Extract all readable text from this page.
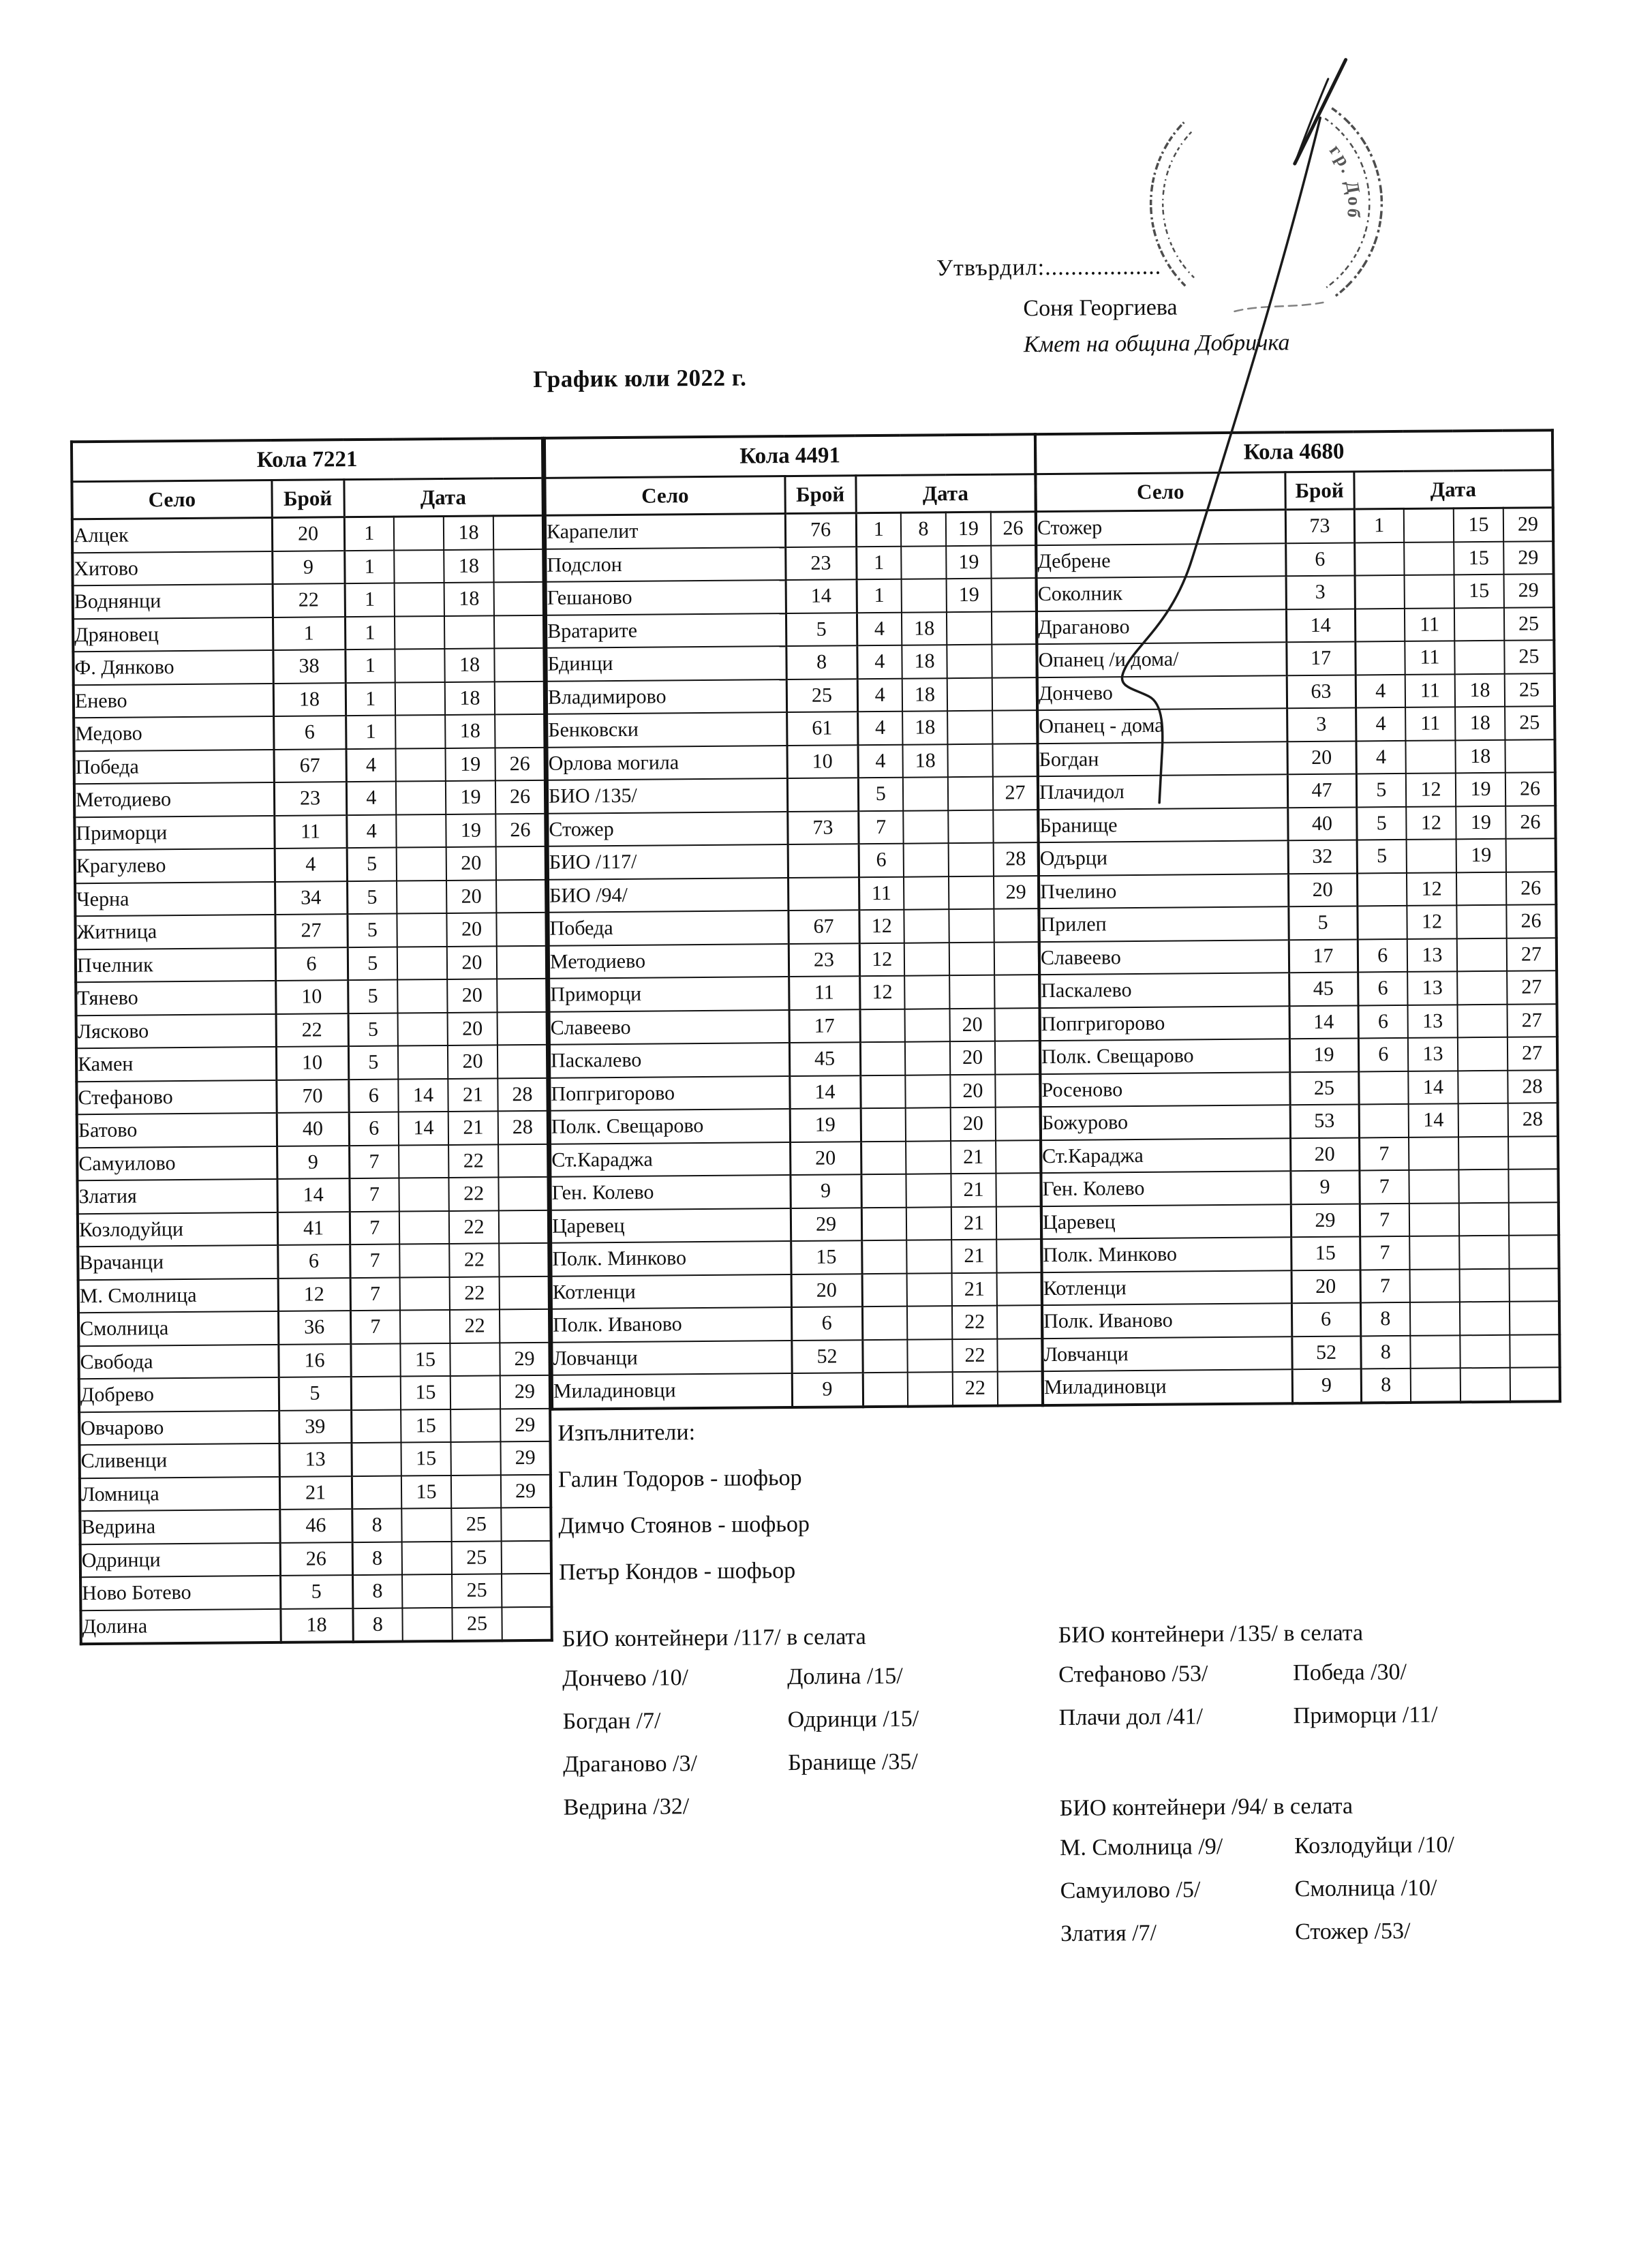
Утвърдил:..................
Соня Георгиева
Кмет на община Добричка
График юли 2022 г.
Кола 7221					
Село	Брой	Дата			
Алцек	20	1		18	
Хитово	9	1		18	
Воднянци	22	1		18	
Дряновец	1	1			
Ф. Дянково	38	1		18	
Енево	18	1		18	
Медово	6	1		18	
Победа	67	4		19	26
Методиево	23	4		19	26
Приморци	11	4		19	26
Крагулево	4	5		20	
Черна	34	5		20	
Житница	27	5		20	
Пчелник	6	5		20	
Тянево	10	5		20	
Лясково	22	5		20	
Камен	10	5		20	
Стефаново	70	6	14	21	28
Батово	40	6	14	21	28
Самуилово	9	7		22	
Златия	14	7		22	
Козлодуйци	41	7		22	
Врачанци	6	7		22	
М. Смолница	12	7		22	
Смолница	36	7		22	
Свобода	16		15		29
Добрево	5		15		29
Овчарово	39		15		29
Сливенци	13		15		29
Ломница	21		15		29
Ведрина	46	8		25	
Одринци	26	8		25	
Ново Ботево	5	8		25	
Долина	18	8		25	
Кола 4491					
Село	Брой	Дата			
Карапелит	76	1	8	19	26
Подслон	23	1		19	
Гешаново	14	1		19	
Вратарите	5	4	18		
Бдинци	8	4	18		
Владимирово	25	4	18		
Бенковски	61	4	18		
Орлова могила	10	4	18		
БИО /135/		5			27
Стожер	73	7			
БИО /117/		6			28
БИО /94/		11			29
Победа	67	12			
Методиево	23	12			
Приморци	11	12			
Славеево	17			20	
Паскалево	45			20	
Попгригорово	14			20	
Полк. Свещарово	19			20	
Ст.Караджа	20			21	
Ген. Колево	9			21	
Царевец	29			21	
Полк. Минково	15			21	
Котленци	20			21	
Полк. Иваново	6			22	
Ловчанци	52			22	
Миладиновци	9			22	
Кола 4680					
Село	Брой	Дата			
Стожер	73	1		15	29
Дебрене	6			15	29
Соколник	3			15	29
Драганово	14		11		25
Опанец /и дома/	17		11		25
Дончево	63	4	11	18	25
Опанец - дома	3	4	11	18	25
Богдан	20	4		18	
Плачидол	47	5	12	19	26
Бранище	40	5	12	19	26
Одърци	32	5		19	
Пчелино	20		12		26
Прилеп	5		12		26
Славеево	17	6	13		27
Паскалево	45	6	13		27
Попгригорово	14	6	13		27
Полк. Свещарово	19	6	13		27
Росеново	25		14		28
Божурово	53		14		28
Ст.Караджа	20	7			
Ген. Колево	9	7			
Царевец	29	7			
Полк. Минково	15	7			
Котленци	20	7			
Полк. Иваново	6	8			
Ловчанци	52	8			
Миладиновци	9	8			
Изпълнители:
Галин Тодоров - шофьор
Димчо Стоянов - шофьор
Петър Кондов - шофьор
БИО контейнери /117/ в селата
Дончево /10/
Богдан /7/
Драганово /3/
Ведрина /32/
Долина /15/
Одринци /15/
Бранище /35/
БИО контейнери /135/ в селата
Стефаново /53/
Плачи дол /41/
Победа /30/
Приморци /11/
БИО контейнери /94/ в селата
М. Смолница /9/
Самуилово /5/
Златия /7/
Козлодуйци /10/
Смолница /10/
Стожер /53/
гр. Доб
